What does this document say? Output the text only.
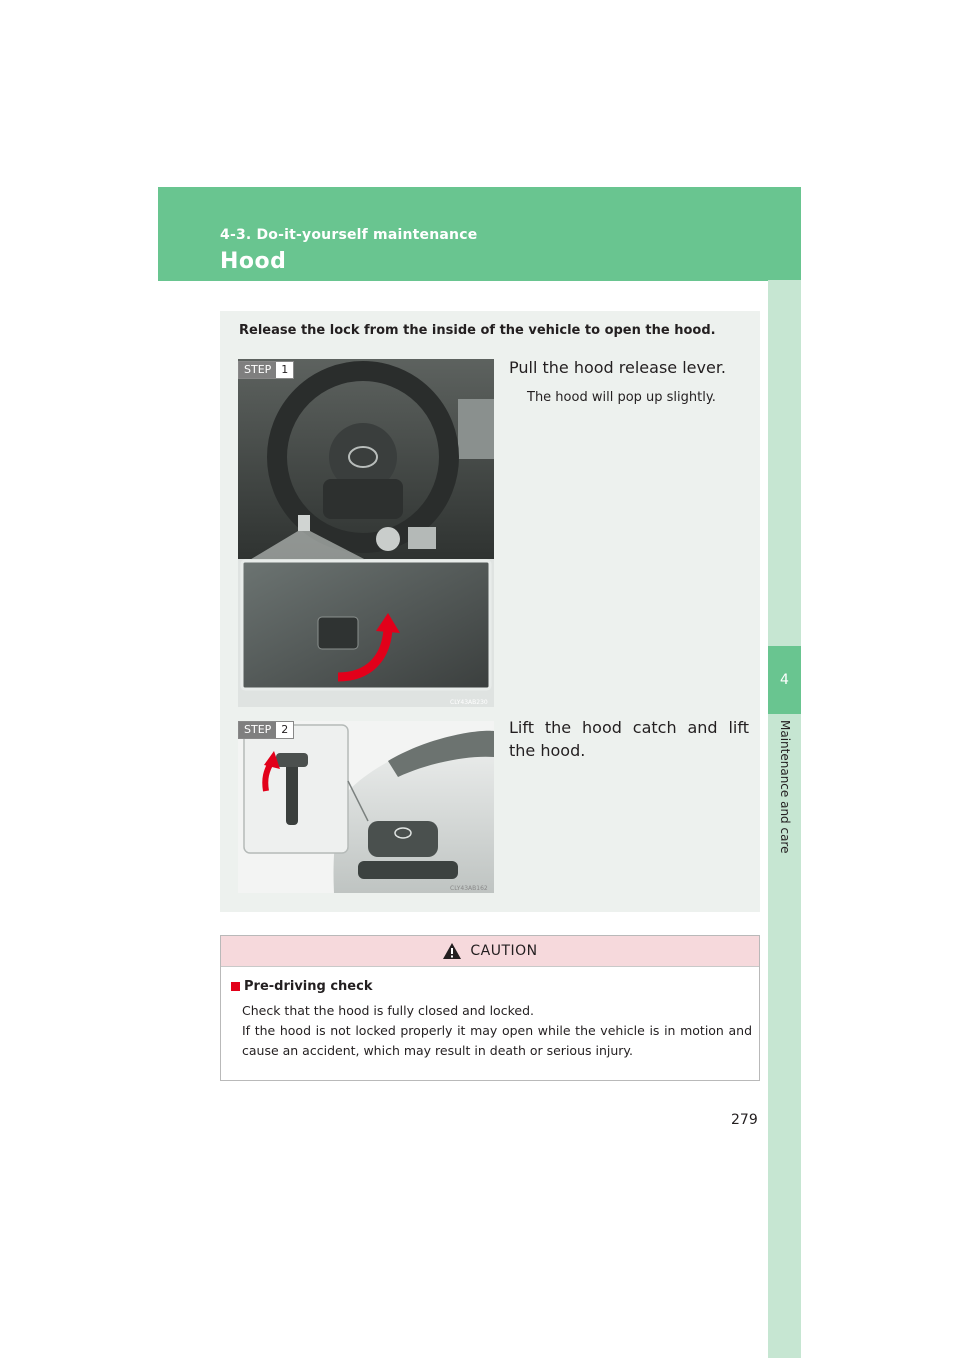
4-3. Do-it-yourself maintenance
Hood
4
Maintenance and care
Release the lock from the inside of the vehicle to open the hood.
STEP 1
CLY43AB230
Pull the hood release lever.
The hood will pop up slightly.
STEP 2
CLY43AB162
Lift the hood catch and lift the hood.
CAUTION
Pre-driving check
Check that the hood is fully closed and locked.
If the hood is not locked properly it may open while the vehicle is in motion and cause an accident, which may result in death or serious injury.
279
